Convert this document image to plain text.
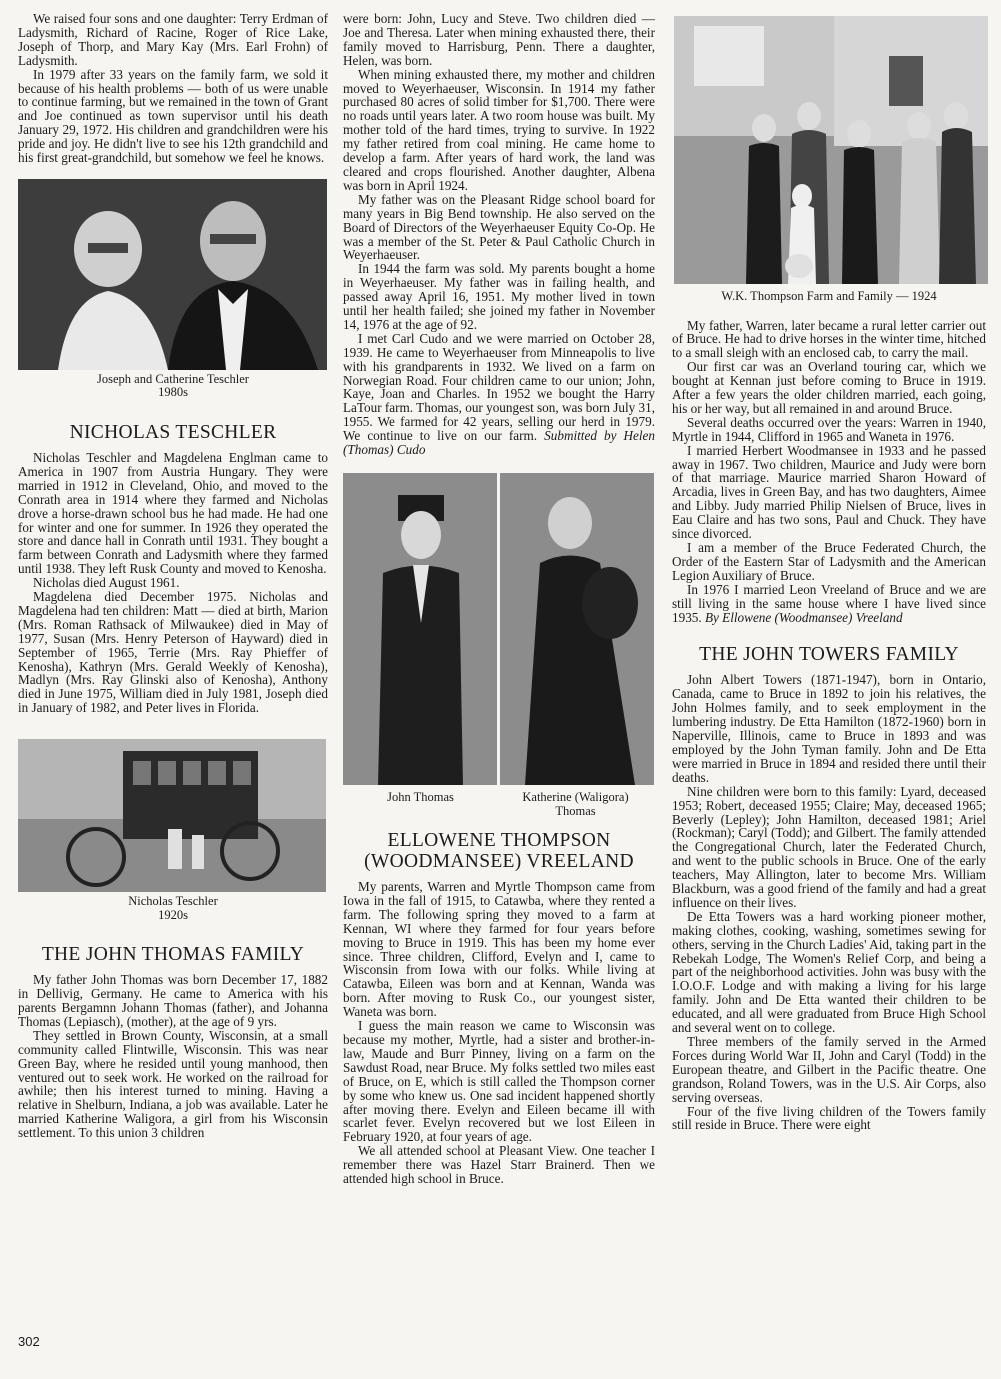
We raised four sons and one daughter: Terry Erdman of Ladysmith, Richard of Racine, Roger of Rice Lake, Joseph of Thorp, and Mary Kay (Mrs. Earl Frohn) of Ladysmith.

In 1979 after 33 years on the family farm, we sold it because of his health problems — both of us were unable to continue farming, but we remained in the town of Grant and Joe continued as town supervisor until his death January 29, 1972. His children and grandchildren were his pride and joy. He didn't live to see his 12th grandchild and his first great-grandchild, but somehow we feel he knows.

Joseph and Catherine Teschler
1980s
NICHOLAS TESCHLER

Nicholas Teschler and Magdelena Englman came to America in 1907 from Austria Hungary. They were married in 1912 in Cleveland, Ohio, and moved to the Conrath area in 1914 where they farmed and Nicholas drove a horse-drawn school bus he had made. He had one for winter and one for summer. In 1926 they operated the store and dance hall in Conrath until 1931. They bought a farm between Conrath and Ladysmith where they farmed until 1938. They left Rusk County and moved to Kenosha.

Nicholas died August 1961.

Magdelena died December 1975. Nicholas and Magdelena had ten children: Matt — died at birth, Marion (Mrs. Roman Rathsack of Milwaukee) died in May of 1977, Susan (Mrs. Henry Peterson of Hayward) died in September of 1965, Terrie (Mrs. Ray Phieffer of Kenosha), Kathryn (Mrs. Gerald Weekly of Kenosha), Madlyn (Mrs. Ray Glinski also of Kenosha), Anthony died in June 1975, William died in July 1981, Joseph died in January of 1982, and Peter lives in Florida.

Nicholas Teschler
1920s
THE JOHN THOMAS FAMILY

My father John Thomas was born December 17, 1882 in Dellivig, Germany. He came to America with his parents Bergamnn Johann Thomas (father), and Johanna Thomas (Lepiasch), (mother), at the age of 9 yrs.

They settled in Brown County, Wisconsin, at a small community called Flintwille, Wisconsin. This was near Green Bay, where he resided until young manhood, then ventured out to seek work. He worked on the railroad for awhile; then his interest turned to mining. Having a relative in Shelburn, Indiana, a job was available. Later he married Katherine Waligora, a girl from his Wisconsin settlement. To this union 3 children

were born: John, Lucy and Steve. Two children died — Joe and Theresa. Later when mining exhausted there, their family moved to Harrisburg, Penn. There a daughter, Helen, was born.

When mining exhausted there, my mother and children moved to Weyerhaeuser, Wisconsin. In 1914 my father purchased 80 acres of solid timber for $1,700. There were no roads until years later. A two room house was built. My mother told of the hard times, trying to survive. In 1922 my father retired from coal mining. He came home to develop a farm. After years of hard work, the land was cleared and crops flourished. Another daughter, Albena was born in April 1924.

My father was on the Pleasant Ridge school board for many years in Big Bend township. He also served on the Board of Directors of the Weyerhaeuser Equity Co-Op. He was a member of the St. Peter & Paul Catholic Church in Weyerhaeuser.

In 1944 the farm was sold. My parents bought a home in Weyerhaeuser. My father was in failing health, and passed away April 16, 1951. My mother lived in town until her health failed; she joined my father in November 14, 1976 at the age of 92.

I met Carl Cudo and we were married on October 28, 1939. He came to Weyerhaeuser from Minneapolis to live with his grandparents in 1932. We lived on a farm on Norwegian Road. Four children came to our union; John, Kaye, Joan and Charles. In 1952 we bought the Harry LaTour farm. Thomas, our youngest son, was born July 31, 1955. We farmed for 42 years, selling our herd in 1979. We continue to live on our farm. Submitted by Helen (Thomas) Cudo

John Thomas	Katherine (Waligora)
Thomas
ELLOWENE THOMPSON
(WOODMANSEE) VREELAND

My parents, Warren and Myrtle Thompson came from Iowa in the fall of 1915, to Catawba, where they rented a farm. The following spring they moved to a farm at Kennan, WI where they farmed for four years before moving to Bruce in 1919. This has been my home ever since. Three children, Clifford, Evelyn and I, came to Wisconsin from Iowa with our folks. While living at Catawba, Eileen was born and at Kennan, Wanda was born. After moving to Rusk Co., our youngest sister, Waneta was born.

I guess the main reason we came to Wisconsin was because my mother, Myrtle, had a sister and brother-in-law, Maude and Burr Pinney, living on a farm on the Sawdust Road, near Bruce. My folks settled two miles east of Bruce, on E, which is still called the Thompson corner by some who knew us. One sad incident happened shortly after moving there. Evelyn and Eileen became ill with scarlet fever. Evelyn recovered but we lost Eileen in February 1920, at four years of age.

We all attended school at Pleasant View. One teacher I remember there was Hazel Starr Brainerd. Then we attended high school in Bruce.

W.K. Thompson Farm and Family — 1924

My father, Warren, later became a rural letter carrier out of Bruce. He had to drive horses in the winter time, hitched to a small sleigh with an enclosed cab, to carry the mail.

Our first car was an Overland touring car, which we bought at Kennan just before coming to Bruce in 1919. After a few years the older children married, each going, his or her way, but all remained in and around Bruce.

Several deaths occurred over the years: Warren in 1940, Myrtle in 1944, Clifford in 1965 and Waneta in 1976.

I married Herbert Woodmansee in 1933 and he passed away in 1967. Two children, Maurice and Judy were born of that marriage. Maurice married Sharon Howard of Arcadia, lives in Green Bay, and has two daughters, Aimee and Libby. Judy married Philip Nielsen of Bruce, lives in Eau Claire and has two sons, Paul and Chuck. They have since divorced.

I am a member of the Bruce Federated Church, the Order of the Eastern Star of Ladysmith and the American Legion Auxiliary of Bruce.

In 1976 I married Leon Vreeland of Bruce and we are still living in the same house where I have lived since 1935. By Ellowene (Woodmansee) Vreeland

THE JOHN TOWERS FAMILY

John Albert Towers (1871-1947), born in Ontario, Canada, came to Bruce in 1892 to join his relatives, the John Holmes family, and to seek employment in the lumbering industry. De Etta Hamilton (1872-1960) born in Naperville, Illinois, came to Bruce in 1893 and was employed by the John Tyman family. John and De Etta were married in Bruce in 1894 and resided there until their deaths.

Nine children were born to this family: Lyard, deceased 1953; Robert, deceased 1955; Claire; May, deceased 1965; Beverly (Lepley); John Hamilton, deceased 1981; Ariel (Rockman); Caryl (Todd); and Gilbert. The family attended the Congregational Church, later the Federated Church, and went to the public schools in Bruce. One of the early teachers, May Allington, later to become Mrs. William Blackburn, was a good friend of the family and had a great influence on their lives.

De Etta Towers was a hard working pioneer mother, making clothes, cooking, washing, sometimes sewing for others, serving in the Church Ladies' Aid, taking part in the Rebekah Lodge, The Women's Relief Corp, and being a part of the neighborhood activities. John was busy with the I.O.O.F. Lodge and with making a living for his large family. John and De Etta wanted their children to be educated, and all were graduated from Bruce High School and several went on to college.

Three members of the family served in the Armed Forces during World War II, John and Caryl (Todd) in the European theatre, and Gilbert in the Pacific theatre. One grandson, Roland Towers, was in the U.S. Air Corps, also serving overseas.

Four of the five living children of the Towers family still reside in Bruce. There were eight

302
